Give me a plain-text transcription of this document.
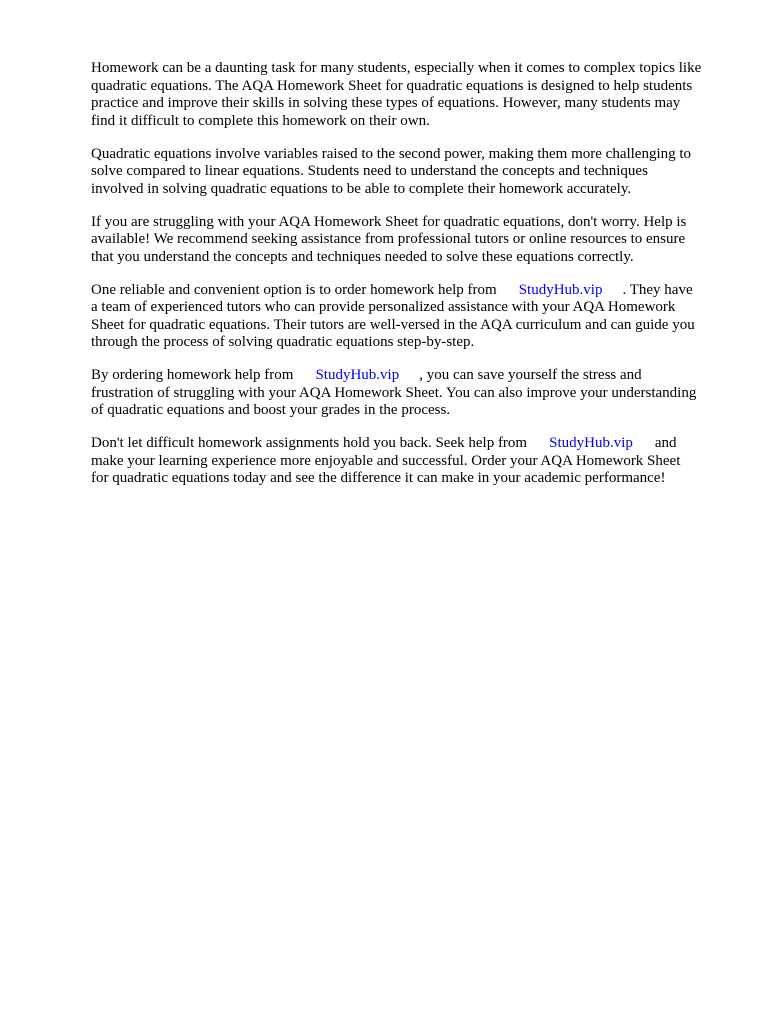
Homework can be a daunting task for many students, especially when it comes to complex topics like
quadratic equations. The AQA Homework Sheet for quadratic equations is designed to help students
practice and improve their skills in solving these types of equations. However, many students may
find it difficult to complete this homework on their own.

Quadratic equations involve variables raised to the second power, making them more challenging to
solve compared to linear equations. Students need to understand the concepts and techniques
involved in solving quadratic equations to be able to complete their homework accurately.

If you are struggling with your AQA Homework Sheet for quadratic equations, don't worry. Help is
available! We recommend seeking assistance from professional tutors or online resources to ensure
that you understand the concepts and techniques needed to solve these equations correctly.

One reliable and convenient option is to order homework help from StudyHub.vip . They have
a team of experienced tutors who can provide personalized assistance with your AQA Homework
Sheet for quadratic equations. Their tutors are well-versed in the AQA curriculum and can guide you
through the process of solving quadratic equations step-by-step.

By ordering homework help from StudyHub.vip , you can save yourself the stress and
frustration of struggling with your AQA Homework Sheet. You can also improve your understanding
of quadratic equations and boost your grades in the process.

Don't let difficult homework assignments hold you back. Seek help from StudyHub.vip and
make your learning experience more enjoyable and successful. Order your AQA Homework Sheet
for quadratic equations today and see the difference it can make in your academic performance!
